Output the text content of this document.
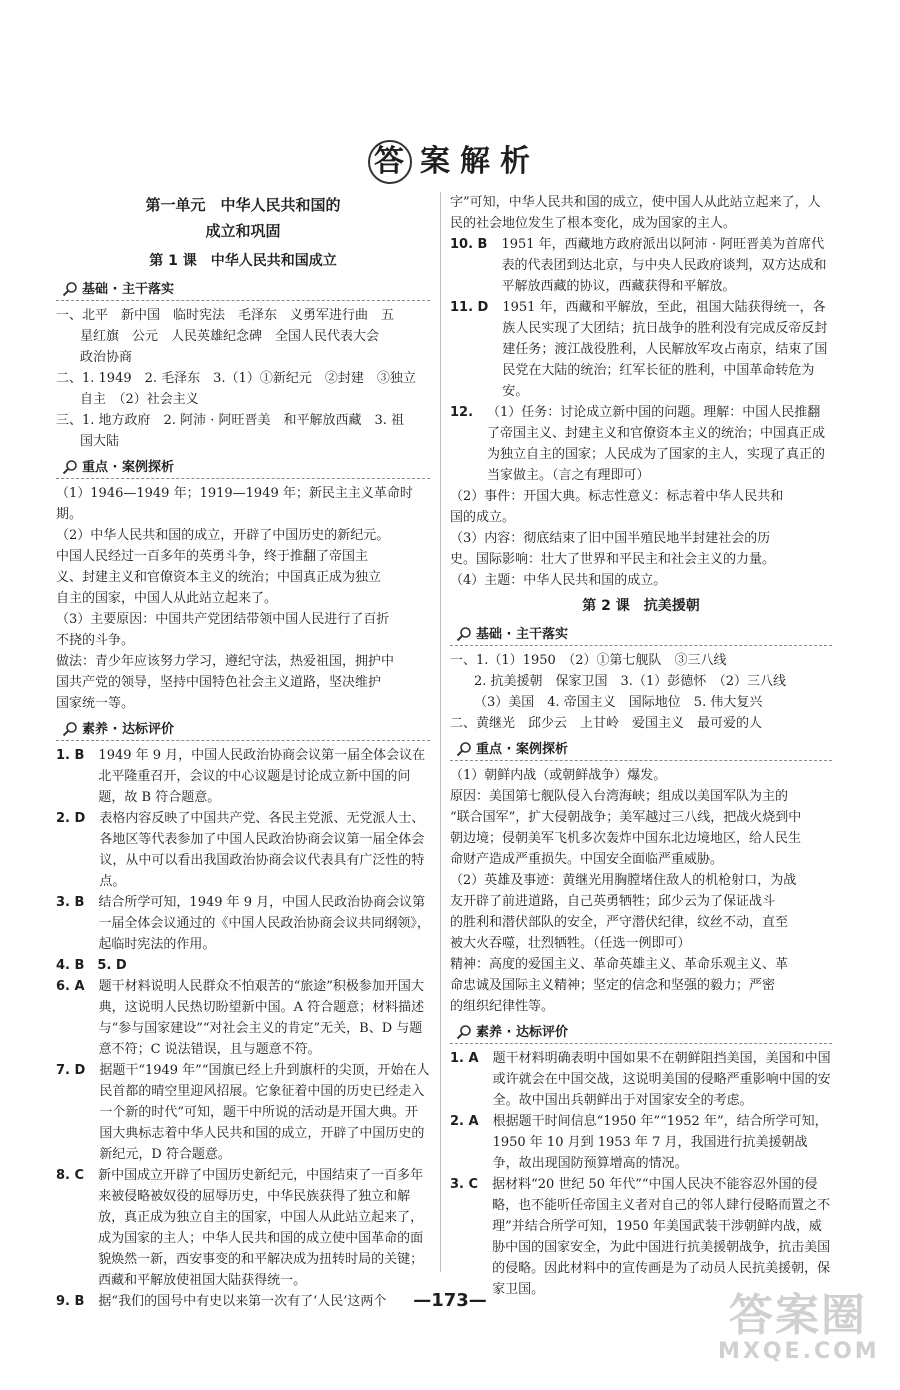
答 案 解 析
第一单元　中华人民共和国的
成立和巩固
第 1 课　中华人民共和国成立
基础 · 主干落实
一、北平　新中国　临时宪法　毛泽东　义勇军进行曲　五
星红旗　公元　人民英雄纪念碑　全国人民代表大会
政治协商
二、1. 1949　2. 毛泽东　3.（1）①新纪元　②封建　③独立
自主　（2）社会主义
三、1. 地方政府　2. 阿沛 · 阿旺晋美　和平解放西藏　3. 祖
国大陆
重点 · 案例探析
（1）1946—1949 年；1919—1949 年；新民主主义革命时期。
（2）中华人民共和国的成立，开辟了中国历史的新纪元。
中国人民经过一百多年的英勇斗争，终于推翻了帝国主
义、封建主义和官僚资本主义的统治；中国真正成为独立
自主的国家，中国人从此站立起来了。
（3）主要原因：中国共产党团结带领中国人民进行了百折
不挠的斗争。
做法：青少年应该努力学习，遵纪守法，热爱祖国，拥护中
国共产党的领导，坚持中国特色社会主义道路，坚决维护
国家统一等。
素养 · 达标评价
1. B 1949 年 9 月，中国人民政治协商会议第一届全体会议在北平隆重召开，会议的中心议题是讨论成立新中国的问题，故 B 符合题意。
2. D 表格内容反映了中国共产党、各民主党派、无党派人士、各地区等代表参加了中国人民政治协商会议第一届全体会议，从中可以看出我国政治协商会议代表具有广泛性的特点。
3. B 结合所学可知，1949 年 9 月，中国人民政治协商会议第一届全体会议通过的《中国人民政治协商会议共同纲领》，起临时宪法的作用。
4. B　5. D
6. A 题干材料说明人民群众不怕艰苦的“旅途”积极参加开国大典，这说明人民热切盼望新中国。A 符合题意；材料描述与“参与国家建设”“对社会主义的肯定”无关，B、D 与题意不符；C 说法错误，且与题意不符。
7. D 据题干“1949 年”“国旗已经上升到旗杆的尖顶，开始在人民首都的晴空里迎风招展。它象征着中国的历史已经走入一个新的时代”可知，题干中所说的活动是开国大典。开国大典标志着中华人民共和国的成立，开辟了中国历史的新纪元，D 符合题意。
8. C 新中国成立开辟了中国历史新纪元，中国结束了一百多年来被侵略被奴役的屈辱历史，中华民族获得了独立和解放，真正成为独立自主的国家，中国人从此站立起来了，成为国家的主人；中华人民共和国的成立使中国革命的面貌焕然一新，西安事变的和平解决成为扭转时局的关键；西藏和平解放使祖国大陆获得统一。
9. B 据“我们的国号中有史以来第一次有了‘人民’这两个
字”可知，中华人民共和国的成立，使中国人从此站立起来了，人民的社会地位发生了根本变化，成为国家的主人。
10. B 1951 年，西藏地方政府派出以阿沛 · 阿旺晋美为首席代表的代表团到达北京，与中央人民政府谈判，双方达成和平解放西藏的协议，西藏获得和平解放。
11. D 1951 年，西藏和平解放，至此，祖国大陆获得统一，各族人民实现了大团结；抗日战争的胜利没有完成反帝反封建任务；渡江战役胜利，人民解放军攻占南京，结束了国民党在大陆的统治；红军长征的胜利，中国革命转危为安。
12. （1）任务：讨论成立新中国的问题。理解：中国人民推翻了帝国主义、封建主义和官僚资本主义的统治；中国真正成为独立自主的国家；人民成为了国家的主人，实现了真正的当家做主。（言之有理即可）
（2）事件：开国大典。标志性意义：标志着中华人民共和
国的成立。
（3）内容：彻底结束了旧中国半殖民地半封建社会的历
史。国际影响：壮大了世界和平民主和社会主义的力量。
（4）主题：中华人民共和国的成立。
第 2 课　抗美援朝
基础 · 主干落实
一、1.（1）1950　（2）①第七舰队　③三八线
2. 抗美援朝　保家卫国　3.（1）彭德怀　（2）三八线
（3）美国　4. 帝国主义　国际地位　5. 伟大复兴
二、黄继光　邱少云　上甘岭　爱国主义　最可爱的人
重点 · 案例探析
（1）朝鲜内战（或朝鲜战争）爆发。
原因：美国第七舰队侵入台湾海峡；组成以美国军队为主的
“联合国军”，扩大侵朝战争；美军越过三八线，把战火烧到中
朝边境；侵朝美军飞机多次轰炸中国东北边境地区，给人民生
命财产造成严重损失。中国安全面临严重威胁。
（2）英雄及事迹：黄继光用胸膛堵住敌人的机枪射口，为战
友开辟了前进道路，自己英勇牺牲；邱少云为了保证战斗
的胜利和潜伏部队的安全，严守潜伏纪律，纹丝不动，直至
被大火吞噬，壮烈牺牲。（任选一例即可）
精神：高度的爱国主义、革命英雄主义、革命乐观主义、革
命忠诚及国际主义精神；坚定的信念和坚强的毅力；严密
的组织纪律性等。
素养 · 达标评价
1. A 题干材料明确表明中国如果不在朝鲜阻挡美国，美国和中国或许就会在中国交战，这说明美国的侵略严重影响中国的安全。故中国出兵朝鲜出于对国家安全的考虑。
2. A 根据题干时间信息“1950 年”“1952 年”，结合所学可知，1950 年 10 月到 1953 年 7 月，我国进行抗美援朝战争，故出现国防预算增高的情况。
3. C 据材料“20 世纪 50 年代”“中国人民决不能容忍外国的侵略，也不能听任帝国主义者对自己的邻人肆行侵略而置之不理”并结合所学可知，1950 年美国武装干涉朝鲜内战，威胁中国的国家安全，为此中国进行抗美援朝战争，抗击美国的侵略。因此材料中的宣传画是为了动员人民抗美援朝，保家卫国。
—173—	答案圈
MXQE.COM
